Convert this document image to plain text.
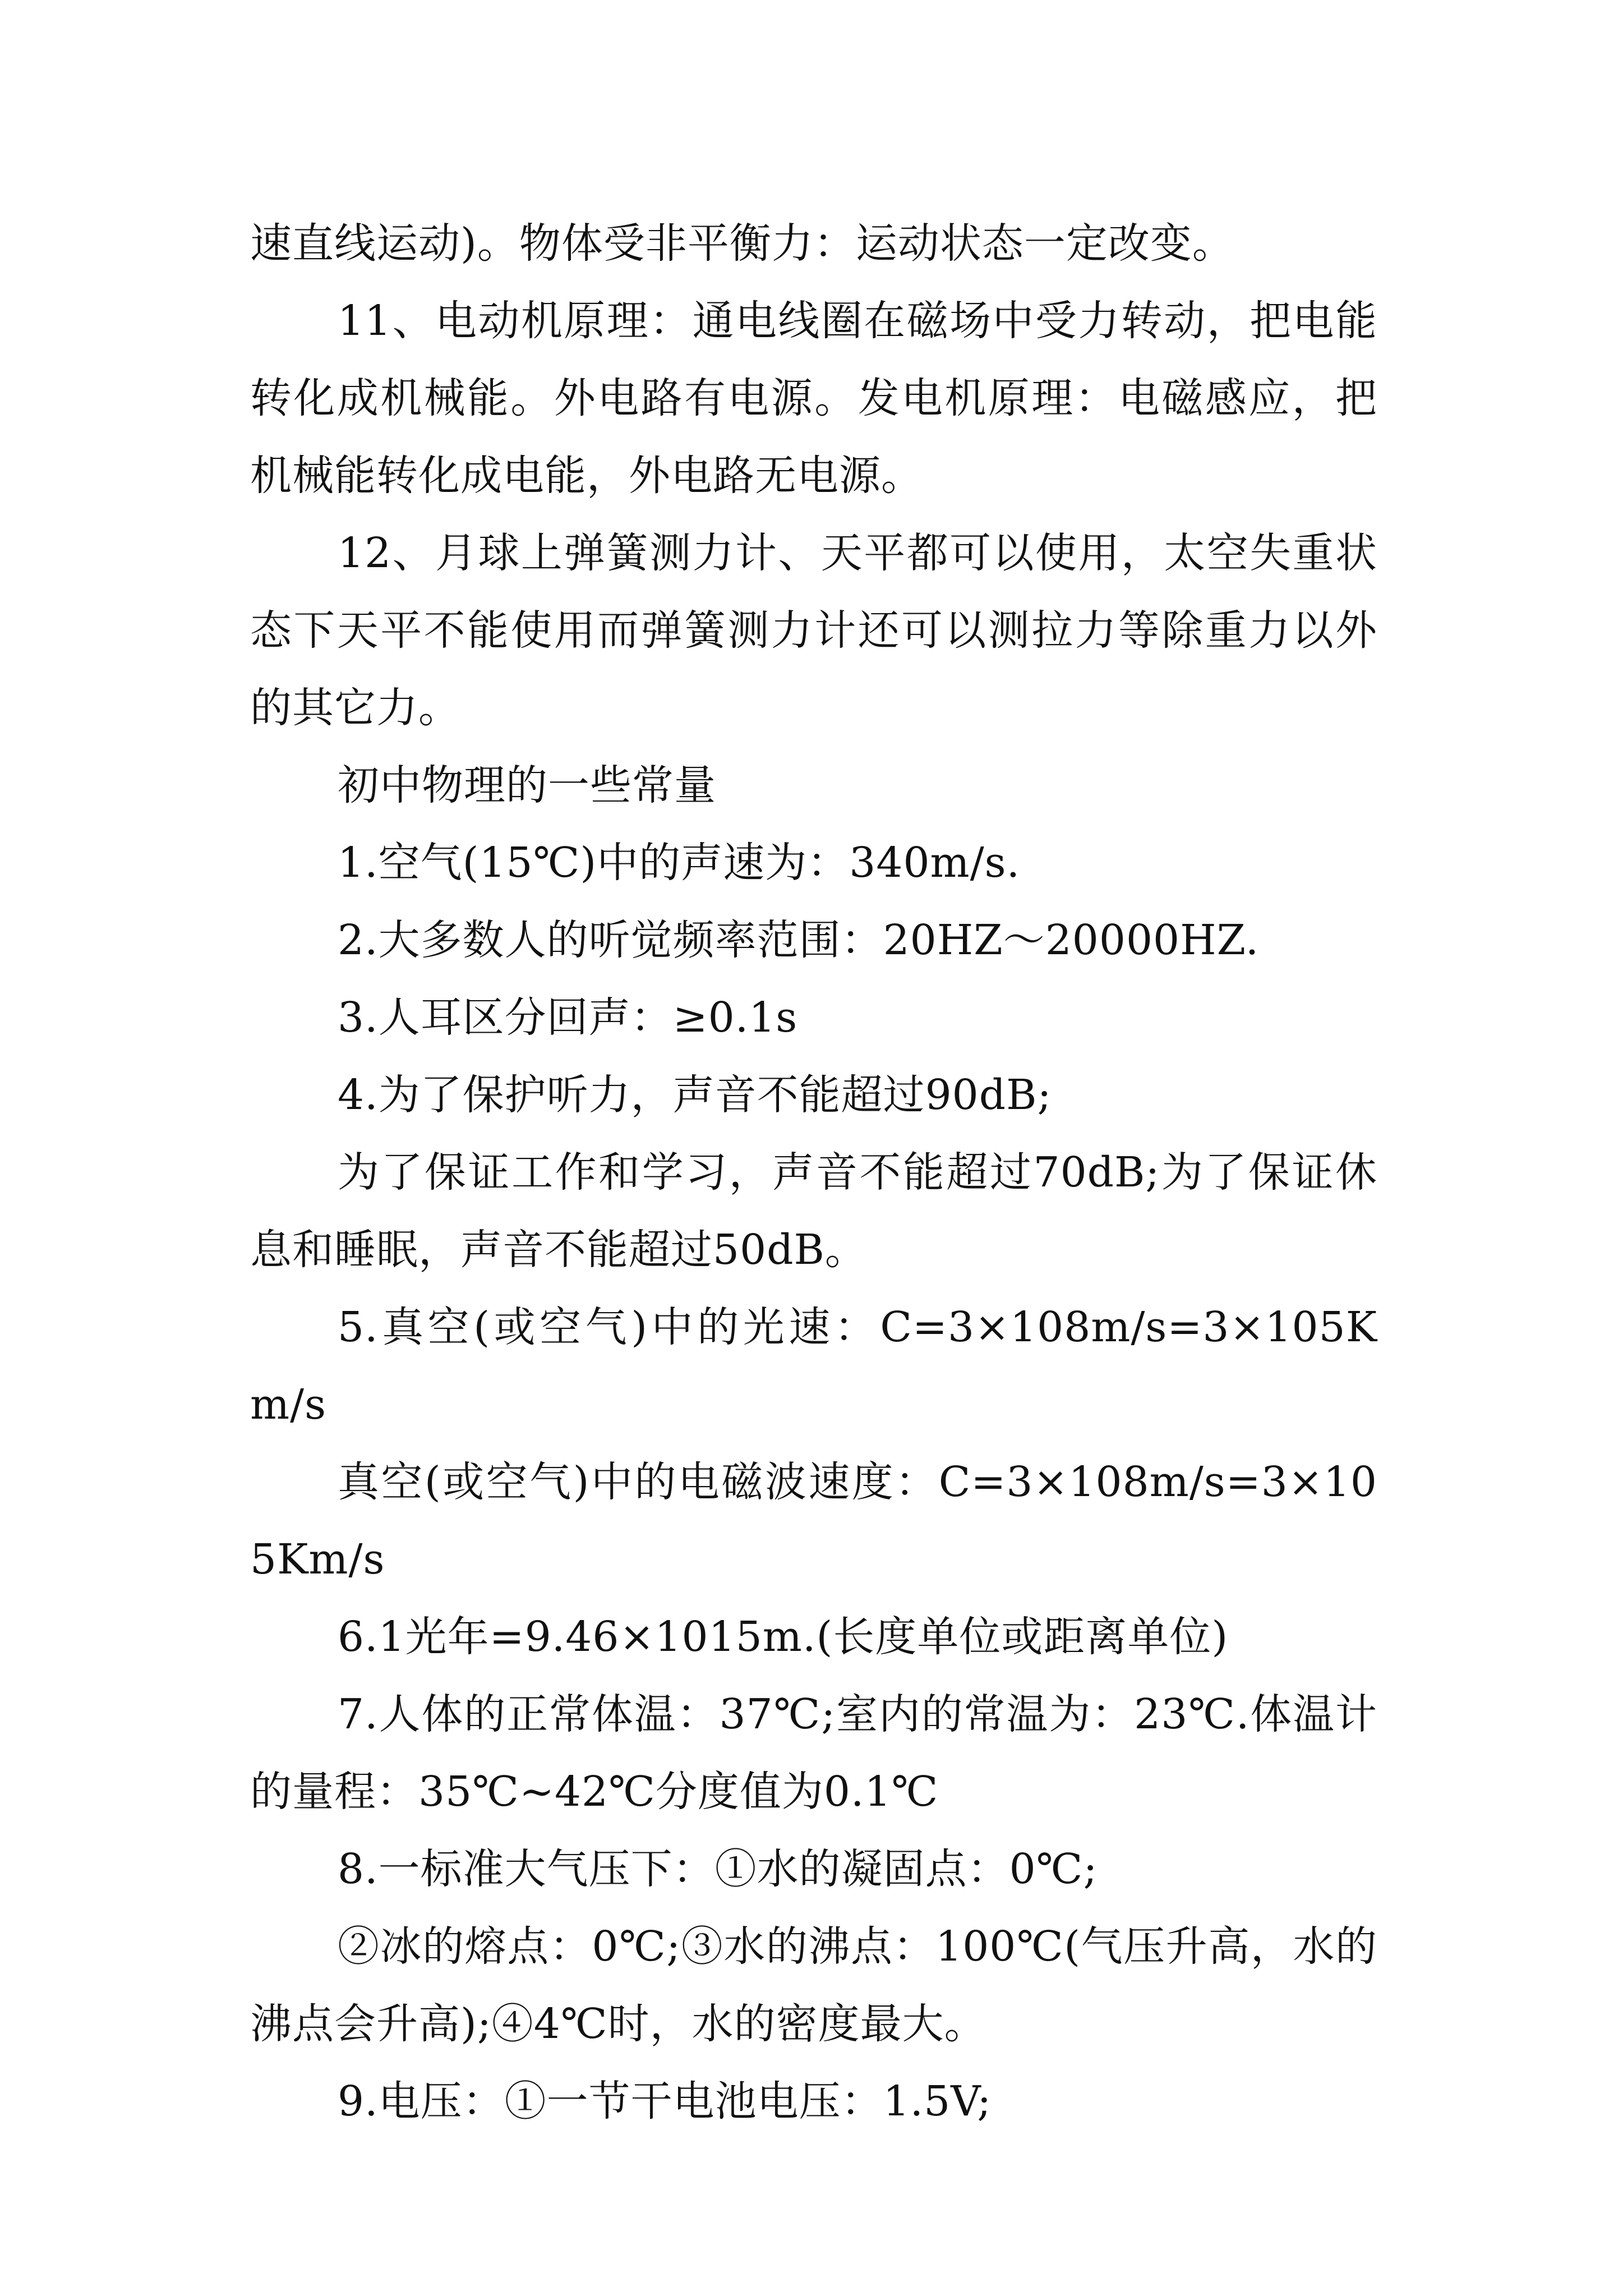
速直线运动)。物体受非平衡力：运动状态一定改变。

11、电动机原理：通电线圈在磁场中受力转动，把电能转化成机械能。外电路有电源。发电机原理：电磁感应，把机械能转化成电能，外电路无电源。

12、月球上弹簧测力计、天平都可以使用，太空失重状态下天平不能使用而弹簧测力计还可以测拉力等除重力以外的其它力。

初中物理的一些常量

1.空气(15℃)中的声速为：340m/s.

2.大多数人的听觉频率范围：20HZ～20000HZ.

3.人耳区分回声：≥0.1s

4.为了保护听力，声音不能超过90dB;

为了保证工作和学习，声音不能超过70dB;为了保证休息和睡眠，声音不能超过50dB。

5.真空(或空气)中的光速：C=3×108m/s=3×105Km/s

真空(或空气)中的电磁波速度：C=3×108m/s=3×105Km/s

6.1光年=9.46×1015m.(长度单位或距离单位)

7.人体的正常体温：37℃;室内的常温为：23℃.体温计的量程：35℃~42℃分度值为0.1℃

8.一标准大气压下：①水的凝固点：0℃;

②冰的熔点：0℃;③水的沸点：100℃(气压升高，水的沸点会升高);④4℃时，水的密度最大。

9.电压：①一节干电池电压：1.5V;
